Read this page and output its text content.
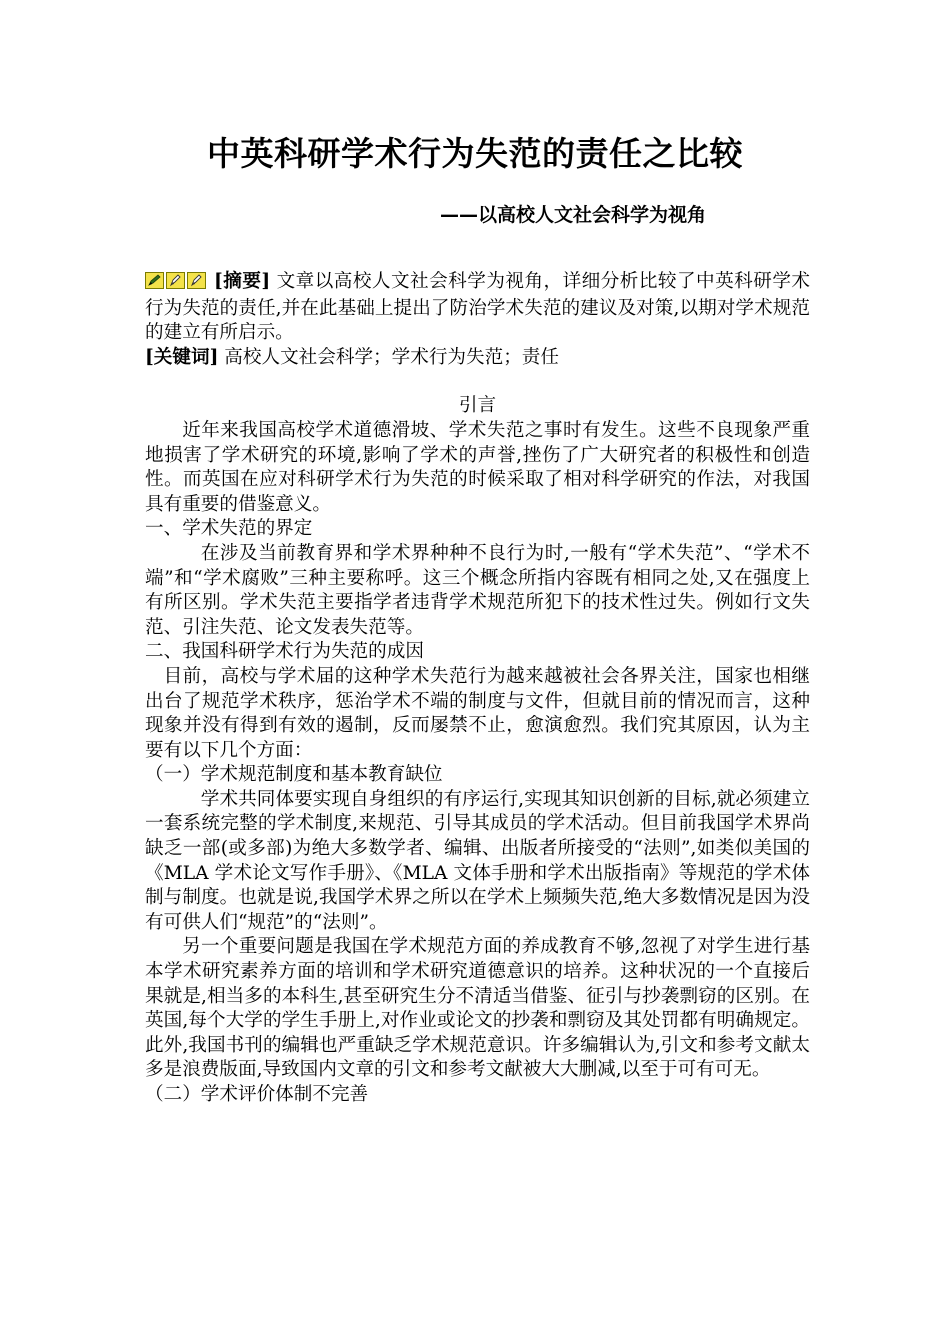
中英科研学术行为失范的责任之比较
——以高校人文社会科学为视角

[摘要] 文章以高校人文社会科学为视角，详细分析比较了中英科研学术行为失范的责任,并在此基础上提出了防治学术失范的建议及对策,以期对学术规范的建立有所启示。

[关键词] 高校人文社会科学；学术行为失范；责任

引言

近年来我国高校学术道德滑坡、学术失范之事时有发生。这些不良现象严重地损害了学术研究的环境,影响了学术的声誉,挫伤了广大研究者的积极性和创造性。而英国在应对科研学术行为失范的时候采取了相对科学研究的作法，对我国具有重要的借鉴意义。

一、学术失范的界定

在涉及当前教育界和学术界种种不良行为时,一般有“学术失范”、“学术不端”和“学术腐败”三种主要称呼。这三个概念所指内容既有相同之处,又在强度上有所区别。学术失范主要指学者违背学术规范所犯下的技术性过失。例如行文失范、引注失范、论文发表失范等。

二、我国科研学术行为失范的成因

目前，高校与学术届的这种学术失范行为越来越被社会各界关注，国家也相继出台了规范学术秩序，惩治学术不端的制度与文件，但就目前的情况而言，这种现象并没有得到有效的遏制，反而屡禁不止，愈演愈烈。我们究其原因，认为主要有以下几个方面：

（一）学术规范制度和基本教育缺位

学术共同体要实现自身组织的有序运行,实现其知识创新的目标,就必须建立一套系统完整的学术制度,来规范、引导其成员的学术活动。但目前我国学术界尚缺乏一部(或多部)为绝大多数学者、编辑、出版者所接受的“法则”,如类似美国的《MLA 学术论文写作手册》、《MLA 文体手册和学术出版指南》等规范的学术体制与制度。也就是说,我国学术界之所以在学术上频频失范,绝大多数情况是因为没有可供人们“规范”的“法则”。

另一个重要问题是我国在学术规范方面的养成教育不够,忽视了对学生进行基本学术研究素养方面的培训和学术研究道德意识的培养。这种状况的一个直接后果就是,相当多的本科生,甚至研究生分不清适当借鉴、征引与抄袭剽窃的区别。在英国,每个大学的学生手册上,对作业或论文的抄袭和剽窃及其处罚都有明确规定。此外,我国书刊的编辑也严重缺乏学术规范意识。许多编辑认为,引文和参考文献太多是浪费版面,导致国内文章的引文和参考文献被大大删减,以至于可有可无。

（二）学术评价体制不完善
